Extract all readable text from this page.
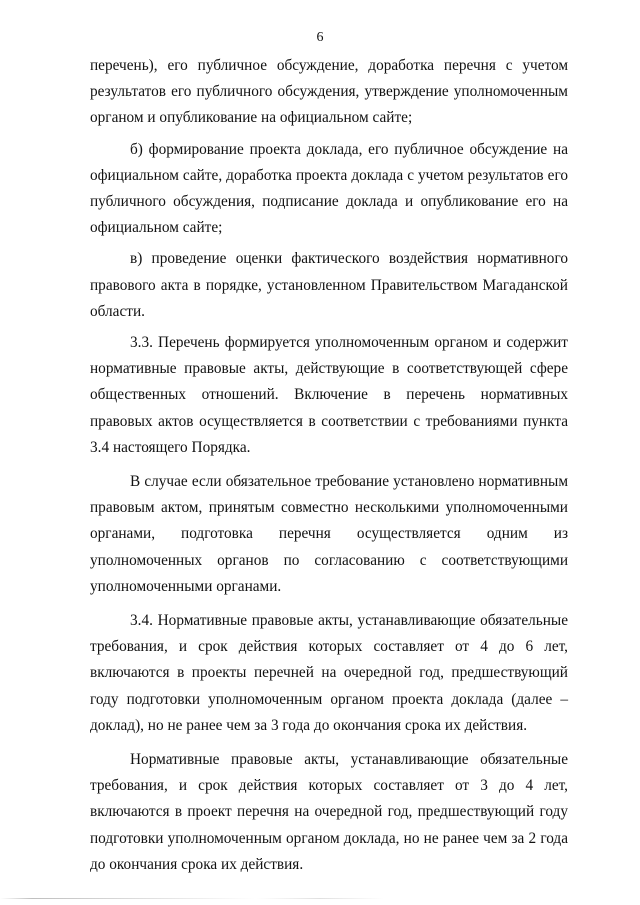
6

перечень), его публичное обсуждение, доработка перечня с учетом результатов его публичного обсуждения, утверждение уполномоченным органом и опубликование на официальном сайте;

б) формирование проекта доклада, его публичное обсуждение на официальном сайте, доработка проекта доклада с учетом результатов его публичного обсуждения, подписание доклада и опубликование его на официальном сайте;

в) проведение оценки фактического воздействия нормативного правового акта в порядке, установленном Правительством Магаданской области.

3.3. Перечень формируется уполномоченным органом и содержит нормативные правовые акты, действующие в соответствующей сфере общественных отношений. Включение в перечень нормативных правовых актов осуществляется в соответствии с требованиями пункта 3.4 настоящего Порядка.

В случае если обязательное требование установлено нормативным правовым актом, принятым совместно несколькими уполномоченными органами, подготовка перечня осуществляется одним из уполномоченных органов по согласованию с соответствующими уполномоченными органами.

3.4. Нормативные правовые акты, устанавливающие обязательные требования, и срок действия которых составляет от 4 до 6 лет, включаются в проекты перечней на очередной год, предшествующий году подготовки уполномоченным органом проекта доклада (далее – доклад), но не ранее чем за 3 года до окончания срока их действия.

Нормативные правовые акты, устанавливающие обязательные требования, и срок действия которых составляет от 3 до 4 лет, включаются в проект перечня на очередной год, предшествующий году подготовки уполномоченным органом доклада, но не ранее чем за 2 года до окончания срока их действия.
